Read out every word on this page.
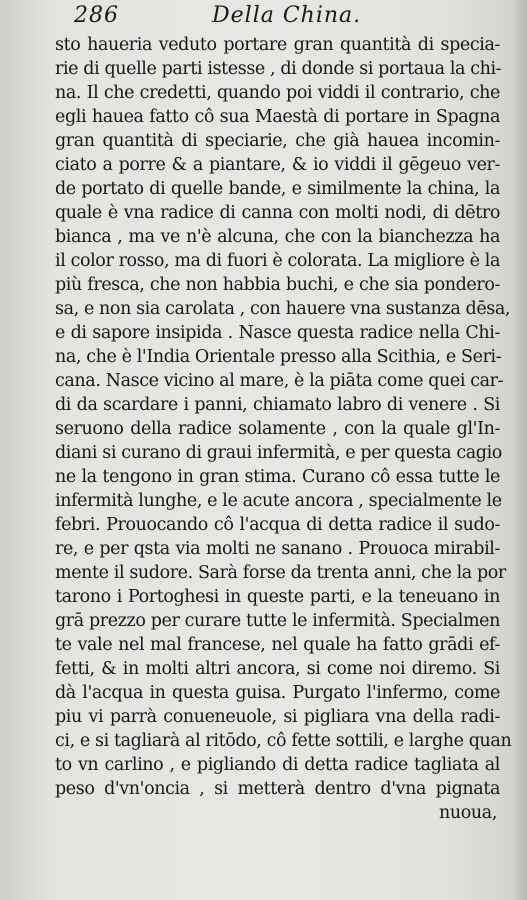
286	Della China.
sto haueria veduto portare gran quantità di specia-
rie di quelle parti istesse , di donde si portaua la chi-
na. Il che credetti, quando poi viddi il contrario, che
egli hauea fatto cô sua Maestà di portare in Spagna
gran quantità di speciarie, che già hauea incomin-
ciato a porre & a piantare, & io viddi il gēgeuo ver-
de portato di quelle bande, e similmente la china, la
quale è vna radice di canna con molti nodi, di dētro
bianca , ma ve n'è alcuna, che con la bianchezza ha
il color rosso, ma di fuori è colorata. La migliore è la
più fresca, che non habbia buchi, e che sia pondero-
sa, e non sia carolata , con hauere vna sustanza dēsa,
e di sapore insipida . Nasce questa radice nella Chi-
na, che è l'India Orientale presso alla Scithia, e Seri-
cana. Nasce vicino al mare, è la piāta come quei car-
di da scardare i panni, chiamato labro di venere . Si
seruono della radice solamente , con la quale gl'In-
diani si curano di graui infermità, e per questa cagio
ne la tengono in gran stima. Curano cô essa tutte le
infermità lunghe, e le acute ancora , specialmente le
febri. Prouocando cô l'acqua di detta radice il sudo-
re, e per qsta via molti ne sanano . Prouoca mirabil-
mente il sudore. Sarà forse da trenta anni, che la por
tarono i Portoghesi in queste parti, e la teneuano in
grā prezzo per curare tutte le infermità. Specialmen
te vale nel mal francese, nel quale ha fatto grādi ef-
fetti, & in molti altri ancora, si come noi diremo. Si
dà l'acqua in questa guisa. Purgato l'infermo, come
piu vi parrà conueneuole, si pigliara vna della radi-
ci, e si tagliarà al ritōdo, cô fette sottili, e larghe quan
to vn carlino , e pigliando di detta radice tagliata al
peso d'vn'oncia , si metterà dentro d'vna pignata
nuoua,
